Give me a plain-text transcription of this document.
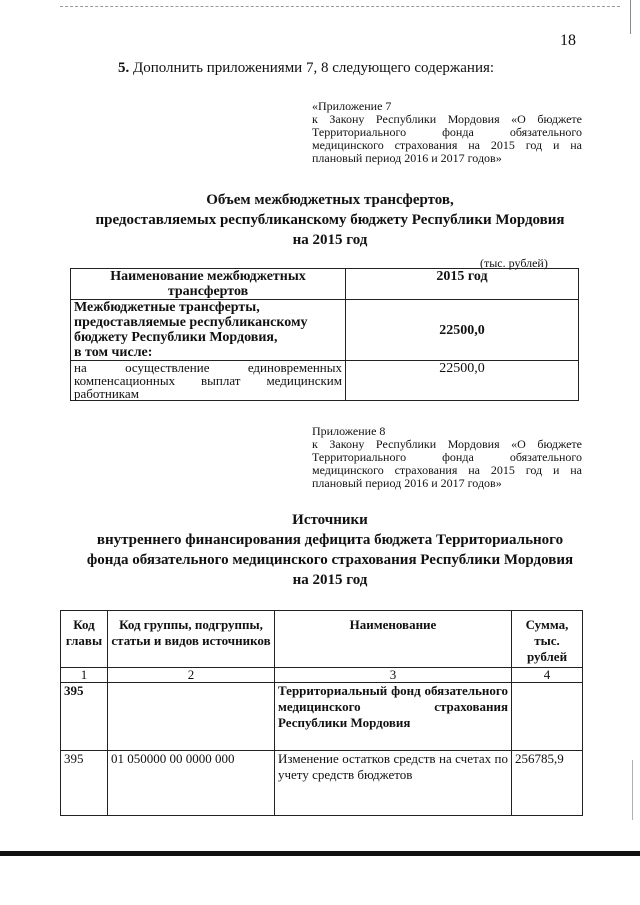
18
5. Дополнить приложениями 7, 8 следующего содержания:
«Приложение 7
к Закону Республики Мордовия «О бюджете Территориального фонда обязательного медицинского страхования на 2015 год и на плановый период 2016 и 2017 годов»
Объем межбюджетных трансфертов,
предоставляемых республиканскому бюджету Республики Мордовия
на 2015 год
(тыс. рублей)
Наименование межбюджетных трансфертов	2015 год

Межбюджетные трансферты, предоставляемые республиканскому бюджету Республики Мордовия,
в том числе:	22500,0
на осуществление единовременных компенсационных выплат медицинским работникам	22500,0
Приложение 8
к Закону Республики Мордовия «О бюджете Территориального фонда обязательного медицинского страхования на 2015 год и на плановый период 2016 и 2017 годов»
Источники
внутреннего финансирования дефицита бюджета Территориального
фонда обязательного медицинского страхования Республики Мордовия
на 2015 год
Код главы	Код группы, подгруппы, статьи и видов источников	Наименование	Сумма, тыс. рублей
1	2	3	4
395		Территориальный фонд обязательного медицинского страхования Республики Мордовия	
395	01 050000 00 0000 000	Изменение остатков средств на счетах по учету средств бюджетов	256785,9
